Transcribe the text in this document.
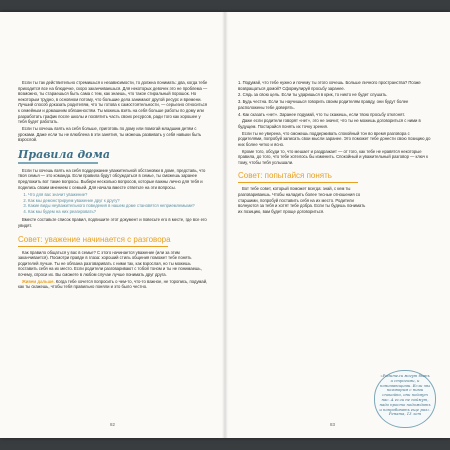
Если ты так действительно стремишься к независимости, то должна понимать: два, когда тебе приходится все на блюдечке, скоро заканчиваешься. Для некоторых девочек это не проблема — возможно, ты стараешься быть сама с тем, как знаешь, что такое стиральный порошок. Но некоторым трудно, в основном потому, что большие дела занимают другой ресурс и времени. Лучший способ доказать родителям, что ты готова к самостоятельности, — серьезно относиться к семейным и домашним обязанностям. Ты можешь взять на себя больше работы по дому или разработать график после школы и посвятить часть своих ресурсов, ради того как хорошее у тебя будет работать.

Если ты хочешь взять на себя больше, приготовь по дому или помогай младшим детям с уроками. Даже если ты не влюблена в эти занятия, ты можешь развивать у себя навыки быть взрослой.

Правила дома

Если ты хочешь взять на себя поддержание уважительной обстановки в доме, представь, что твоя семья — это команда. Если правила будут обсуждаться в семье, ты сможешь заранее предложить вот такие вопросы. Выбери несколько вопросов, которые важны лично для тебя и поделись своим мнением с семьей. Для начала вместе ответьте на эти вопросы.

1. Что для вас значит уважение?
2. Как мы демонстрируем уважение друг к другу?
3. Какие виды неуважительного поведения в нашем доме становятся неприемлемыми?
4. Как мы будем на них реагировать?

Вместе составьте список правил, подпишите этот документ и повесьте его в месте, где все его увидят.

Совет: уважение начинается с разговора

Как правило общаться у вас в семье? С этого начинается уважение (или за этим заканчивается). Посмотри правде в глаза: хороший стиль общения поможет тебе понять родителей лучше. Ты не обязана разговаривать с ними так, как взрослая, но ты можешь поставить себя на их место. Если родители разговаривают с тобой тоном и ты не понимаешь, почему, спроси их. Вы сможете в любом случае лучше понимать друг друга.

Живем дальше. Когда тебе хочется попросить о чем-то, что-то важное, не торопись, подумай, как ты скажешь, чтобы тебя правильно поняли и это было честно.

82

1. Подумай, что тебе нужно и почему ты этого хочешь. Больше личного пространства? Позже возвращаться домой? Сформулируй просьбу заранее.

2. Сядь за свою цель. Если ты ударишься в крик, то никто не будет слушать.

3. Будь честна. Если ты научишься говорить своим родителям правду, они будут более расположены тебе доверять.

4. Как сказать «нет». Заранее подумай, что ты скажешь, если твою просьбу отклонят.

Даже если родители говорят «нет», это не значит, что ты не можешь договориться с ними в будущем. Постарайся понять их точку зрения.

Если ты не уверена, что сможешь поддерживать спокойный тон во время разговора с родителями, попробуй записать свои мысли заранее. Это поможет тебе донести свою позицию до них более четко и ясно.

Кроме того, обсуди то, что мешает и раздражает — от того, как тебе не нравятся некоторые правила, до того, что тебе хотелось бы изменить. Спокойный и уважительный разговор — ключ к тому, чтобы тебя услышали.

Совет: попытайся понять

Вот тебе совет, который поможет всегда: знай, с кем ты разговариваешь. Чтобы наладить более тесные отношения со старшими, попробуй поставить себя на их место. Родители волнуются за тебя и хотят тебе добра. Если ты будешь понимать их позицию, вам будет проще договориться.

«Родители могут быть и строгими, и понимающими. Если мы поговорим с ними спокойно, они поймут нас. А если не поймут, надо просто подождать и попробовать еще раз». Рената, 13 лет
83
